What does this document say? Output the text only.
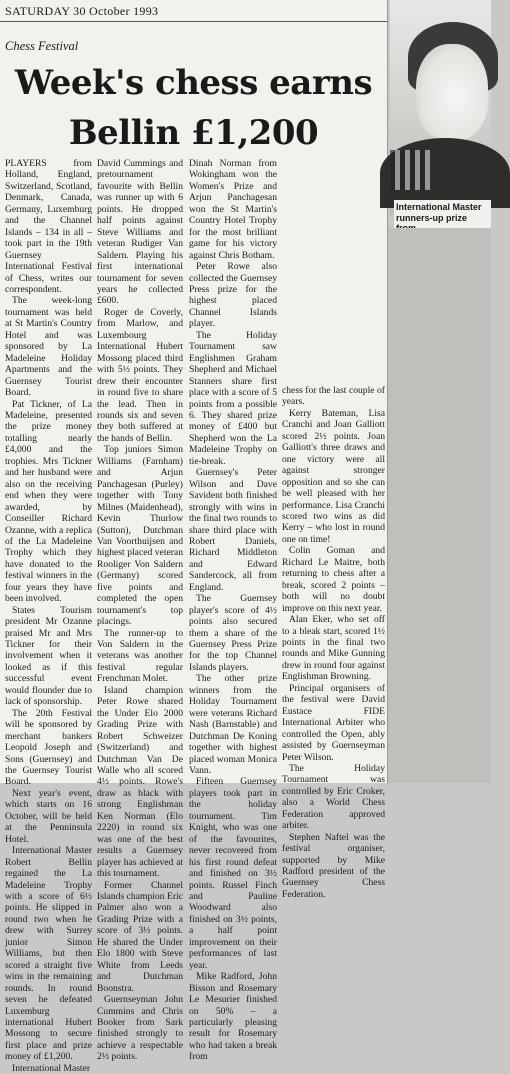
SATURDAY 30 October 1993
Chess Festival
Week's chess earns
Bellin £1,200

PLAYERS from Holland, England, Switzerland, Scotland, Denmark, Canada, Germany, Luxemburg and the Channel Islands – 134 in all – took part in the 19th Guernsey International Festival of Chess, writes our correspondent.

The week-long tournament was held at St Martin's Country Hotel and was sponsored by La Madeleine Holiday Apartments and the Guernsey Tourist Board.

Pat Tickner, of La Madeleine, presented the prize money totalling nearly £4,000 and the trophies. Mrs Tickner and her husband were also on the receiving end when they were awarded, by Conseiller Richard Ozanne, with a replica of the La Madeleine Trophy which they have donated to the festival winners in the four years they have been involved.

States Tourism president Mr Ozanne praised Mr and Mrs Tickner for their involvement when it looked as if this successful event would flounder due to lack of sponsorship.

The 20th Festival will be sponsored by merchant bankers Leopold Joseph and Sons (Guernsey) and the Guernsey Tourist Board.

Next year's event, which starts on 16 October, will be held at the Penninsula Hotel.

International Master Robert Bellin regained the La Madeleine Trophy with a score of 6½ points. He slipped in round two when he drew with Surrey junior Simon Williams, but then scored a straight five wins in the remaining rounds. In round seven he defeated Luxemburg international Hubert Mossong to secure first place and prize money of £1,200.

International Master

David Cummings and pretournament favourite with Bellin was runner up with 6 points. He dropped half points against Steve Williams and veteran Rudiger Van Saldern. Playing his first international tournament for seven years he collected £600.

Roger de Coverly, from Marlow, and Luxembourg International Hubert Mossong placed third with 5½ points. They drew their encounter in round five to share the lead. Then in rounds six and seven they both suffered at the hands of Bellin.

Top juniors Simon Williams (Farnham) and Arjun Panchagesan (Purley) together with Tony Milnes (Maidenhead), Kevin Thurlow (Sutton), Dutchman Van Voorthuijsen and highest placed veteran Rooliger Von Saldern (Germany) scored five points and completed the open tournament's top placings.

The runner-up to Von Saldern in the veterans was another festival regular Frenchman Molet.

Island champion Peter Rowe shared the Under Elo 2000 Grading Prize with Robert Schweizer (Switzerland) and Dutchman Van De Walle who all scored 4½ points. Rowe's draw as black with strong Englishman Ken Norman (Elo 2220) in round six was one of the best results a Guernsey player has achieved at this tournament.

Former Channel Islands champion Eric Palmer also won a Grading Prize with a score of 3½ points. He shared the Under Elo 1800 with Steve White from Leeds and Dutchman Boonstra.

Guernseyman John Cummins and Chris Booker from Sark finished strongly to achieve a respectable 2½ points.

Dinah Norman from Wokingham won the Women's Prize and Arjun Panchagesan won the St Martin's Country Hotel Trophy for the most brilliant game for his victory against Chris Botham.

Peter Rowe also collected the Guernsey Press prize for the highest placed Channel Islands player.

The Holiday Tournament saw Englishmen Graham Shepherd and Michael Stanners share first place with a score of 5 points from a possible 6. They shared prize money of £400 but Shepherd won the La Madeleine Trophy on tie-break.

Guernsey's Peter Wilson and Dave Savident both finished strongly with wins in the final two rounds to share third place with Robert Daniels, Richard Middleton and Edward Sandercock, all from England.

The Guernsey player's score of 4½ points also secured them a share of the Guernsey Press Prize for the top Channel Islands players.

The other prize winners from the Holiday Tournament were veterans Richard Nash (Barnstable) and Dutchman De Koning together with highest placed woman Monica Vann.

Fifteen Guernsey players took part in the holiday tournament. Tim Knight, who was one of the favourites, never recovered from his first round defeat and finished on 3½ points. Russel Finch and Pauline Woodward also finished on 3½ points, a half point improvement on their performances of last year.

Mike Radford, John Bisson and Rosemary Le Mesurier finished on 50% – a particularly pleasing result for Rosemary who had taken a break from

chess for the last couple of years.

Kerry Bateman, Lisa Cranchi and Joan Galliott scored 2½ points. Joan Galliott's three draws and one victory were all against stronger opposition and so she can be well pleased with her performance. Lisa Cranchi scored two wins as did Kerry – who lost in round one on time!

Colin Goman and Richard Le Maitre, both returning to chess after a break, scored 2 points – both will no doubt improve on this next year.

Alan Eker, who set off to a bleak start, scored 1½ points in the final two rounds and Mike Gunning drew in round four against Englishman Browning.

Principal organisers of the festival were David Eustace FIDE International Arbiter who controlled the Open, ably assisted by Guernseyman Peter Wilson.

The Holiday Tournament was controlled by Eric Croker, also a World Chess Federation approved arbiter.

Stephen Naftel was the festival organiser, supported by Mike Radford president of the Guernsey Chess Federation.

International Master runners-up prize
